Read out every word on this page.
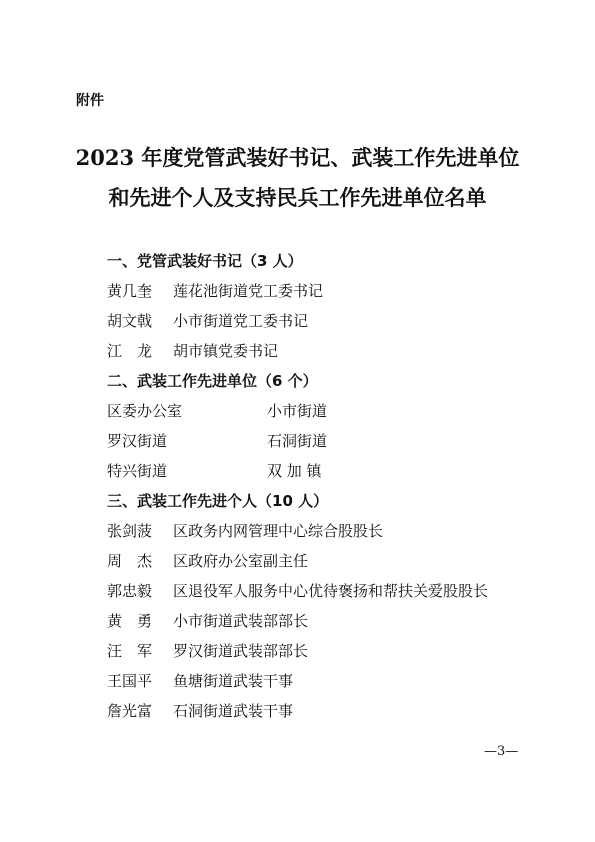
附件

2023 年度党管武装好书记、武装工作先进单位
和先进个人及支持民兵工作先进单位名单
一、党管武装好书记（3 人）
黄几奎	莲花池街道党工委书记
胡文戟	小市街道党工委书记
江　龙	胡市镇党委书记
二、武装工作先进单位（6 个）
区委办公室	小市街道
罗汉街道	石洞街道
特兴街道	双 加 镇
三、武装工作先进个人（10 人）
张剑菠	区政务内网管理中心综合股股长
周　杰	区政府办公室副主任
郭忠毅	区退役军人服务中心优待褒扬和帮扶关爱股股长
黄　勇	小市街道武装部部长
汪　军	罗汉街道武装部部长
王国平	鱼塘街道武装干事
詹光富	石洞街道武装干事
—3—
